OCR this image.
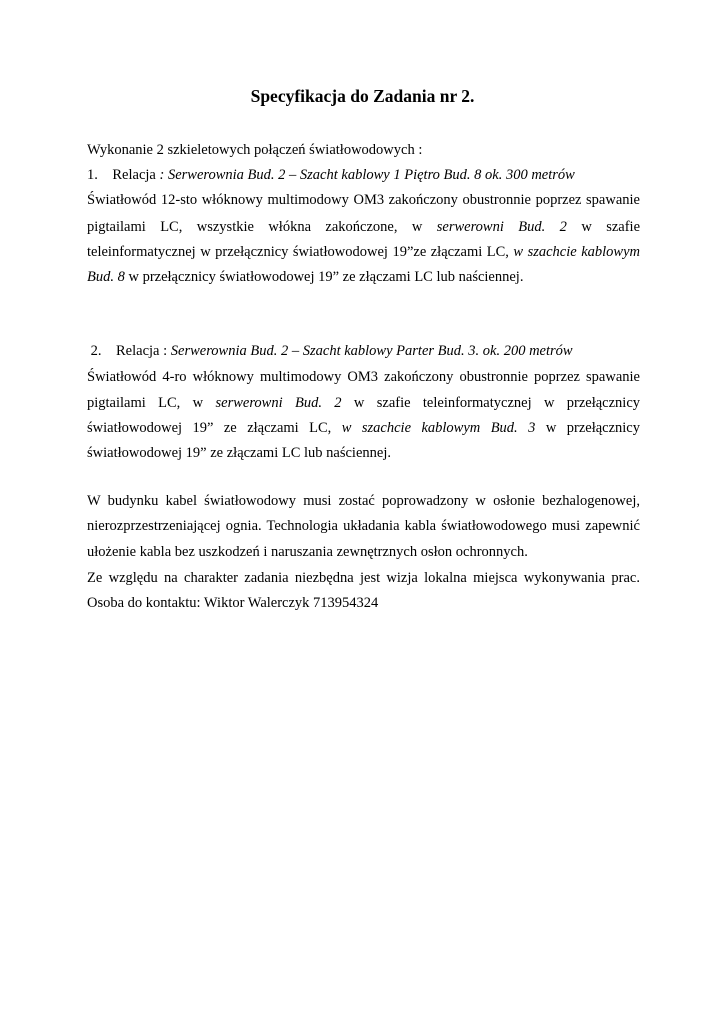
Specyfikacja do Zadania nr 2.
Wykonanie 2 szkieletowych połączeń światłowodowych :
1. Relacja : Serwerownia Bud. 2 – Szacht kablowy 1 Piętro Bud. 8 ok. 300 metrów
Światłowód 12-sto włóknowy multimodowy OM3 zakończony obustronnie poprzez spawanie
pigtailami LC, wszystkie włókna zakończone, w serwerowni Bud. 2 w szafie
teleinformatycznej w przełącznicy światłowodowej 19”ze złączami LC, w szachcie kablowym
Bud. 8 w przełącznicy światłowodowej 19” ze złączami LC lub naściennej.
2. Relacja : Serwerownia Bud. 2 – Szacht kablowy Parter Bud. 3. ok. 200 metrów
Światłowód 4-ro włóknowy multimodowy OM3 zakończony obustronnie poprzez spawanie
pigtailami LC, w serwerowni Bud. 2 w szafie teleinformatycznej w przełącznicy
światłowodowej 19” ze złączami LC, w szachcie kablowym Bud. 3 w przełącznicy
światłowodowej 19” ze złączami LC lub naściennej.
W budynku kabel światłowodowy musi zostać poprowadzony w osłonie bezhalogenowej,
nierozprzestrzeniającej ognia. Technologia układania kabla światłowodowego musi zapewnić
ułożenie kabla bez uszkodzeń i naruszania zewnętrznych osłon ochronnych.
Ze względu na charakter zadania niezbędna jest wizja lokalna miejsca wykonywania prac.
Osoba do kontaktu: Wiktor Walerczyk 713954324
